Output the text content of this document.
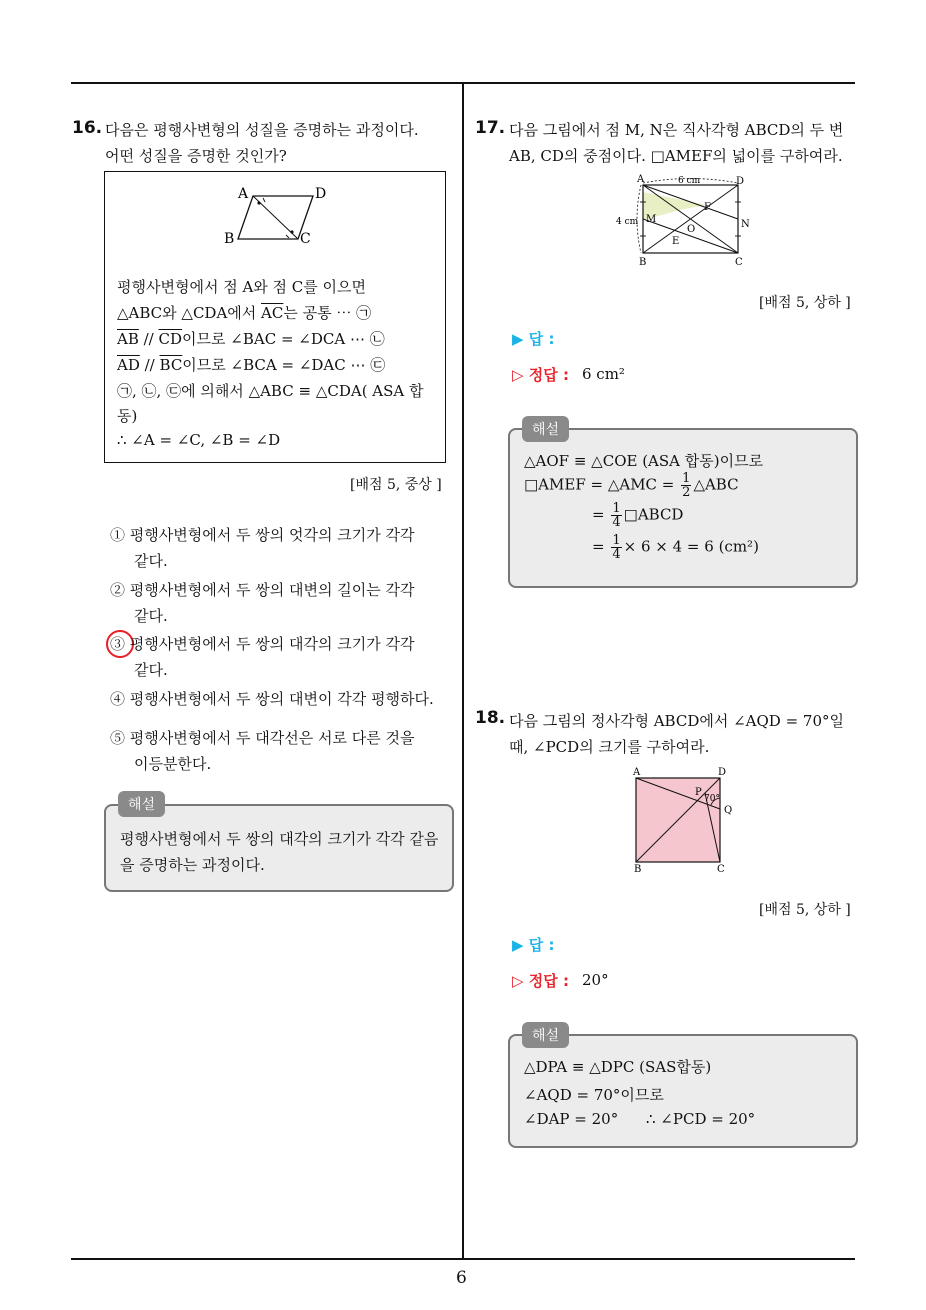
6
16. 다음은 평행사변형의 성질을 증명하는 과정이다.
어떤 성질을 증명한 것인가?
A	D
B	C
평행사변형에서 점 A와 점 C를 이으면
△ABC와 △CDA에서 $\overline{AC}$는 공통 ⋯ ㉠
$\overline{AB} // \overline{CD}$이므로 ∠BAC = ∠DCA ⋯ ㉡
$\overline{AD} // \overline{BC}$이므로 ∠BCA = ∠DAC ⋯ ㉢
㉠, ㉡, ㉢에 의해서 △ABC ≡ △CDA( ASA 합
동)
∴ ∠A = ∠C, ∠B = ∠D
[배점 5, 중상 ]
① 평행사변형에서 두 쌍의 엇각의 크기가 각각
같다.
② 평행사변형에서 두 쌍의 대변의 길이는 각각
같다.
③ 평행사변형에서 두 쌍의 대각의 크기가 각각
같다.
④ 평행사변형에서 두 쌍의 대변이 각각 평행하다.
⑤ 평행사변형에서 두 대각선은 서로 다른 것을
이등분한다.
평행사변형에서 두 쌍의 대각의 크기가 각각 같음
을 증명하는 과정이다.
해설
17. 다음 그림에서 점 M, N은 직사각형 ABCD의 두 변
AB, CD의 중점이다. □AMEF의 넓이를 구하여라.
A	D
B	C
M	N
O
E
F
6 cm
4 cm
[배점 5, 상하 ]
▶ 답 :
▷ 정답 : 6 cm²
△AOF ≡ △COE (ASA 합동)이므로
□AMEF = △AMC = $\frac{1}{2}$ △ABC
= $\frac{1}{4}$ □ABCD
= $\frac{1}{4} \times 6 \times 4 = 6$ (cm²)
해설
18. 다음 그림의 정사각형 ABCD에서 ∠AQD = 70°일
때, ∠PCD의 크기를 구하여라.
A	D
B	C
P
Q
70°
[배점 5, 상하 ]
▶ 답 :
▷ 정답 : 20°
△DPA ≡ △DPC (SAS합동)
∠AQD = 70°이므로
∠DAP = 20° ∴ ∠PCD = 20°
해설
